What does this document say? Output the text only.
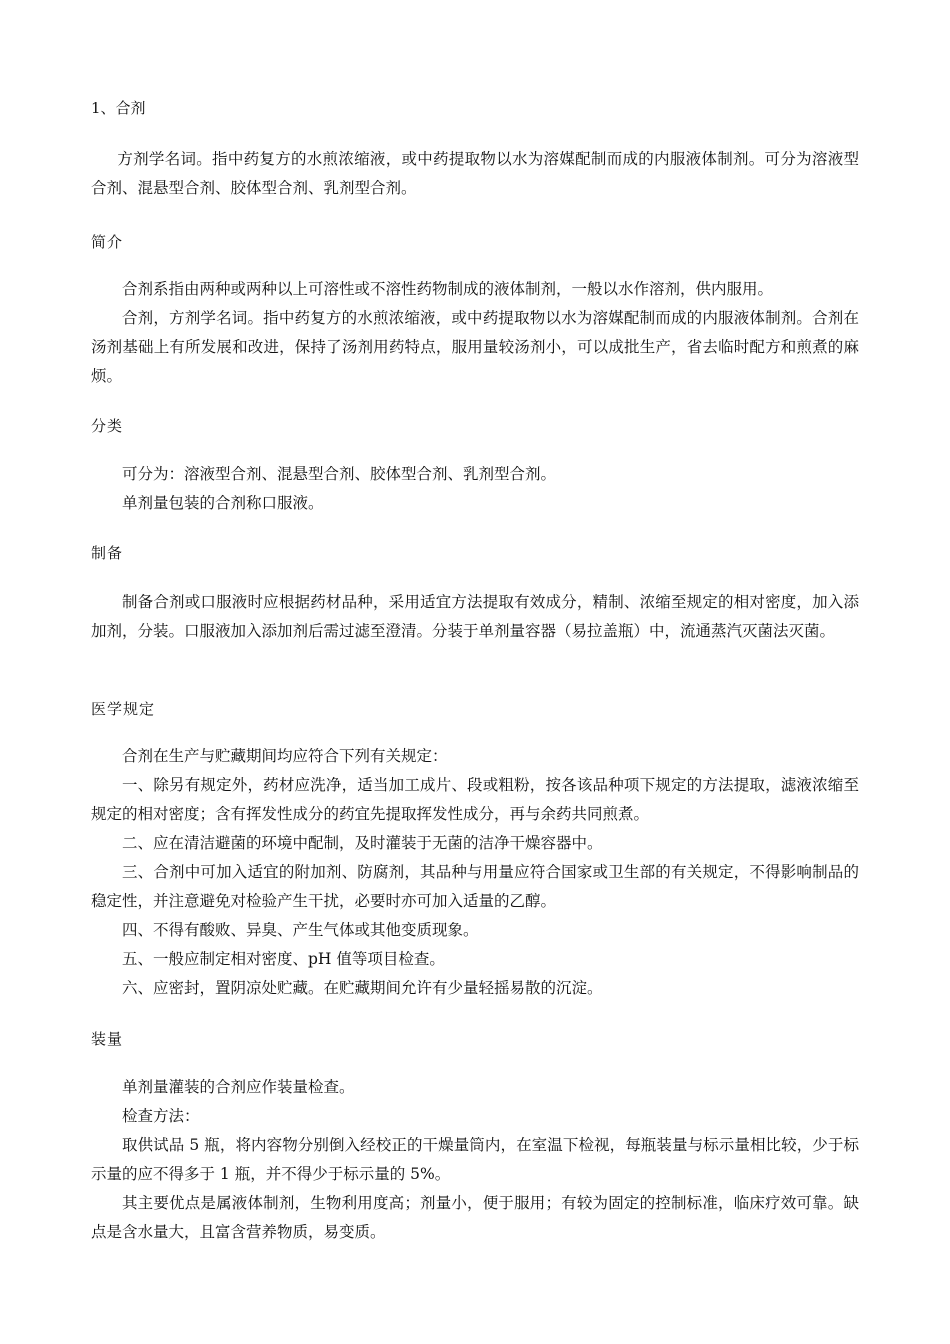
1、合剂

方剂学名词。指中药复方的水煎浓缩液，或中药提取物以水为溶媒配制而成的内服液体制剂。可分为溶液型合剂、混悬型合剂、胶体型合剂、乳剂型合剂。

简介

合剂系指由两种或两种以上可溶性或不溶性药物制成的液体制剂，一般以水作溶剂，供内服用。

合剂，方剂学名词。指中药复方的水煎浓缩液，或中药提取物以水为溶媒配制而成的内服液体制剂。合剂在汤剂基础上有所发展和改进，保持了汤剂用药特点，服用量较汤剂小，可以成批生产，省去临时配方和煎煮的麻烦。

分类

可分为：溶液型合剂、混悬型合剂、胶体型合剂、乳剂型合剂。

单剂量包装的合剂称口服液。

制备

制备合剂或口服液时应根据药材品种，采用适宜方法提取有效成分，精制、浓缩至规定的相对密度，加入添加剂，分装。口服液加入添加剂后需过滤至澄清。分装于单剂量容器（易拉盖瓶）中，流通蒸汽灭菌法灭菌。

医学规定

合剂在生产与贮藏期间均应符合下列有关规定：

一、除另有规定外，药材应洗净，适当加工成片、段或粗粉，按各该品种项下规定的方法提取，滤液浓缩至规定的相对密度；含有挥发性成分的药宜先提取挥发性成分，再与余药共同煎煮。

二、应在清洁避菌的环境中配制，及时灌装于无菌的洁净干燥容器中。

三、合剂中可加入适宜的附加剂、防腐剂，其品种与用量应符合国家或卫生部的有关规定，不得影响制品的稳定性，并注意避免对检验产生干扰，必要时亦可加入适量的乙醇。

四、不得有酸败、异臭、产生气体或其他变质现象。

五、一般应制定相对密度、pH 值等项目检查。

六、应密封，置阴凉处贮藏。在贮藏期间允许有少量轻摇易散的沉淀。

装量

单剂量灌装的合剂应作装量检查。

检查方法：

取供试品 5 瓶，将内容物分别倒入经校正的干燥量筒内，在室温下检视，每瓶装量与标示量相比较，少于标示量的应不得多于 1 瓶，并不得少于标示量的 5%。

其主要优点是属液体制剂，生物利用度高；剂量小，便于服用；有较为固定的控制标准，临床疗效可靠。缺点是含水量大，且富含营养物质，易变质。
